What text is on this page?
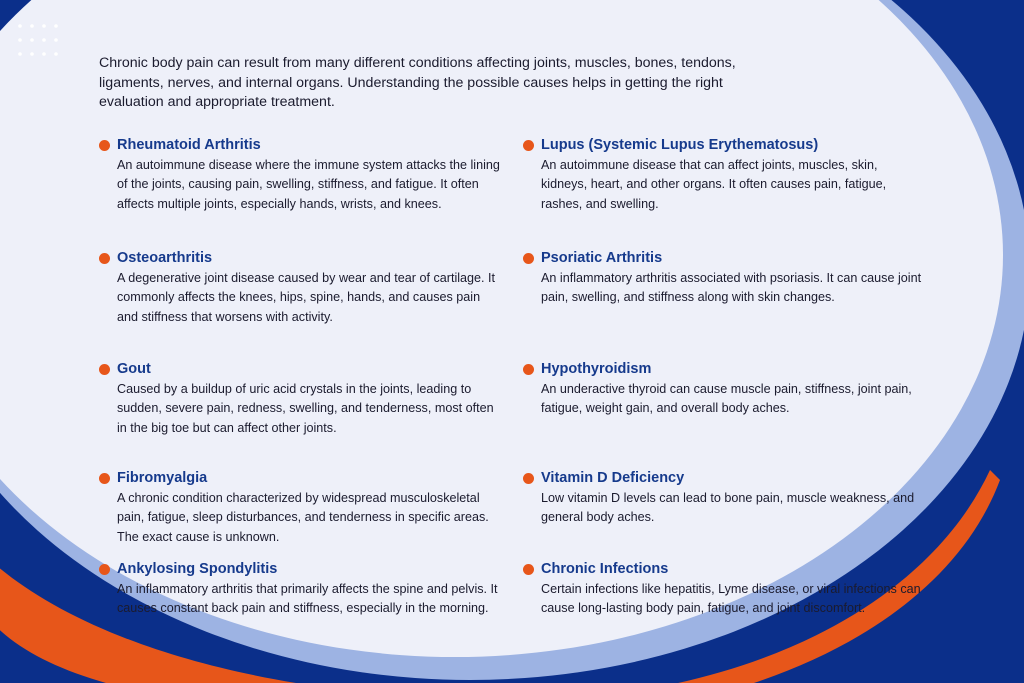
Chronic body pain can result from many different conditions affecting joints, muscles, bones, tendons, ligaments, nerves, and internal organs. Understanding the possible causes helps in getting the right evaluation and appropriate treatment.
Rheumatoid Arthritis
An autoimmune disease where the immune system attacks the lining of the joints, causing pain, swelling, stiffness, and fatigue. It often affects multiple joints, especially hands, wrists, and knees.
Osteoarthritis
A degenerative joint disease caused by wear and tear of cartilage. It commonly affects the knees, hips, spine, hands, and causes pain and stiffness that worsens with activity.
Gout
Caused by a buildup of uric acid crystals in the joints, leading to sudden, severe pain, redness, swelling, and tenderness, most often in the big toe but can affect other joints.
Fibromyalgia
A chronic condition characterized by widespread musculoskeletal pain, fatigue, sleep disturbances, and tenderness in specific areas. The exact cause is unknown.
Ankylosing Spondylitis
An inflammatory arthritis that primarily affects the spine and pelvis. It causes constant back pain and stiffness, especially in the morning.
Lupus (Systemic Lupus Erythematosus)
An autoimmune disease that can affect joints, muscles, skin, kidneys, heart, and other organs. It often causes pain, fatigue, rashes, and swelling.
Psoriatic Arthritis
An inflammatory arthritis associated with psoriasis. It can cause joint pain, swelling, and stiffness along with skin changes.
Hypothyroidism
An underactive thyroid can cause muscle pain, stiffness, joint pain, fatigue, weight gain, and overall body aches.
Vitamin D Deficiency
Low vitamin D levels can lead to bone pain, muscle weakness, and general body aches.
Chronic Infections
Certain infections like hepatitis, Lyme disease, or viral infections can cause long-lasting body pain, fatigue, and joint discomfort.
